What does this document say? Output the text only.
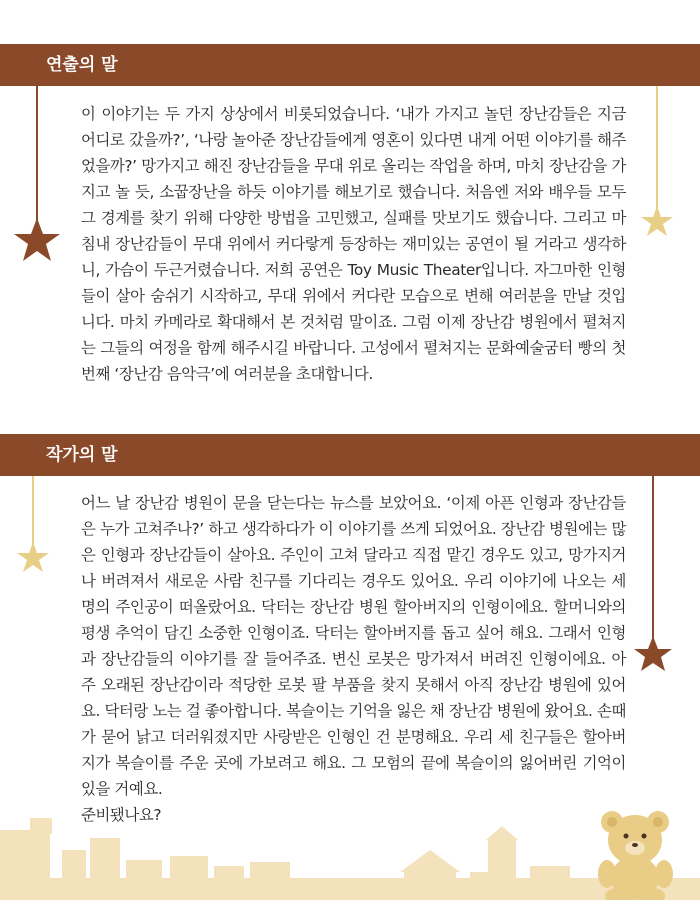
연출의 말
이 이야기는 두 가지 상상에서 비롯되었습니다. ‘내가 가지고 놀던 장난감들은 지금 어디로 갔을까?’, ‘나랑 놀아준 장난감들에게 영혼이 있다면 내게 어떤 이야기를 해주었을까?’ 망가지고 해진 장난감들을 무대 위로 올리는 작업을 하며, 마치 장난감을 가지고 놀 듯, 소꿉장난을 하듯 이야기를 해보기로 했습니다. 처음엔 저와 배우들 모두 그 경계를 찾기 위해 다양한 방법을 고민했고, 실패를 맛보기도 했습니다. 그리고 마침내 장난감들이 무대 위에서 커다랗게 등장하는 재미있는 공연이 될 거라고 생각하니, 가슴이 두근거렸습니다. 저희 공연은 Toy Music Theater입니다. 자그마한 인형들이 살아 숨쉬기 시작하고, 무대 위에서 커다란 모습으로 변해 여러분을 만날 것입니다. 마치 카메라로 확대해서 본 것처럼 말이죠. 그럼 이제 장난감 병원에서 펼쳐지는 그들의 여정을 함께 해주시길 바랍니다. 고성에서 펼쳐지는 문화예술굼터 빵의 첫 번째 ‘장난감 음악극’에 여러분을 초대합니다.
작가의 말
어느 날 장난감 병원이 문을 닫는다는 뉴스를 보았어요. ‘이제 아픈 인형과 장난감들은 누가 고쳐주나?’ 하고 생각하다가 이 이야기를 쓰게 되었어요. 장난감 병원에는 많은 인형과 장난감들이 살아요. 주인이 고쳐 달라고 직접 맡긴 경우도 있고, 망가지거나 버려져서 새로운 사람 친구를 기다리는 경우도 있어요. 우리 이야기에 나오는 세 명의 주인공이 떠올랐어요. 닥터는 장난감 병원 할아버지의 인형이에요. 할머니와의 평생 추억이 담긴 소중한 인형이죠. 닥터는 할아버지를 돕고 싶어 해요. 그래서 인형과 장난감들의 이야기를 잘 들어주죠. 변신 로봇은 망가져서 버려진 인형이에요. 아주 오래된 장난감이라 적당한 로봇 팔 부품을 찾지 못해서 아직 장난감 병원에 있어요. 닥터랑 노는 걸 좋아합니다. 복슬이는 기억을 잃은 채 장난감 병원에 왔어요. 손때가 묻어 낡고 더러워졌지만 사랑받은 인형인 건 분명해요. 우리 세 친구들은 할아버지가 복슬이를 주운 곳에 가보려고 해요. 그 모험의 끝에 복슬이의 잃어버린 기억이 있을 거예요.
준비됐나요?
